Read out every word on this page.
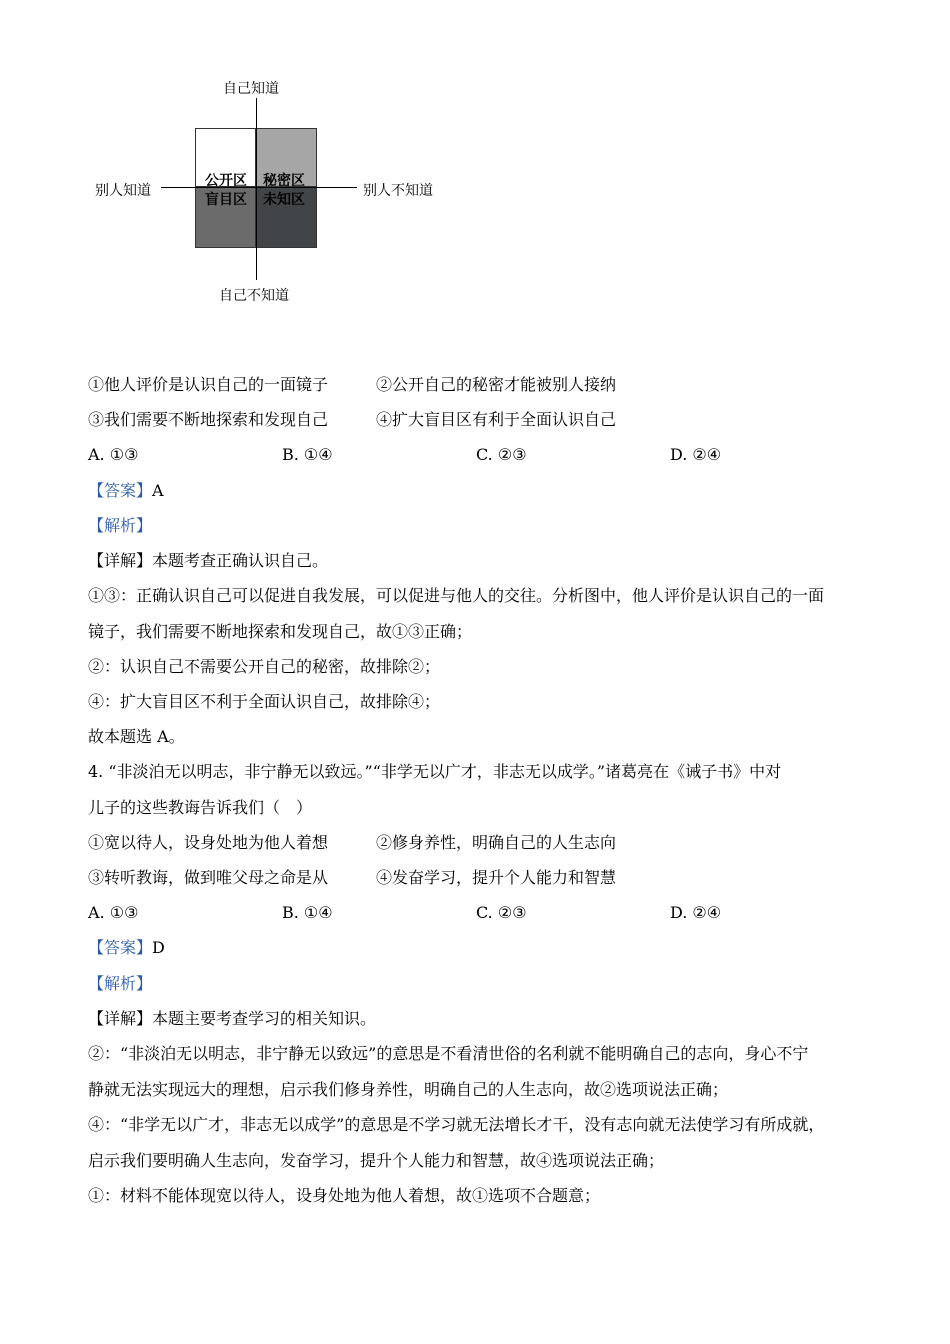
自己知道
自己不知道
别人知道	别人不知道
公开区 秘密区
盲目区 未知区
①他人评价是认识自己的一面镜子	②公开自己的秘密才能被别人接纳
③我们需要不断地探索和发现自己	④扩大盲目区有利于全面认识自己
A. ①③	B. ①④	C. ②③	D. ②④
【答案】A
【解析】
【详解】本题考查正确认识自己。
①③：正确认识自己可以促进自我发展，可以促进与他人的交往。分析图中，他人评价是认识自己的一面
镜子，我们需要不断地探索和发现自己，故①③正确；
②：认识自己不需要公开自己的秘密，故排除②；
④：扩大盲目区不利于全面认识自己，故排除④；
故本题选 A。
4. “非淡泊无以明志，非宁静无以致远。”“非学无以广才，非志无以成学。”诸葛亮在《诫子书》中对
儿子的这些教诲告诉我们（　）
①宽以待人，设身处地为他人着想	②修身养性，明确自己的人生志向
③转听教诲，做到唯父母之命是从	④发奋学习，提升个人能力和智慧
A. ①③	B. ①④	C. ②③	D. ②④
【答案】D
【解析】
【详解】本题主要考查学习的相关知识。
②：“非淡泊无以明志，非宁静无以致远”的意思是不看清世俗的名利就不能明确自己的志向，身心不宁
静就无法实现远大的理想，启示我们修身养性，明确自己的人生志向，故②选项说法正确；
④：“非学无以广才，非志无以成学”的意思是不学习就无法增长才干，没有志向就无法使学习有所成就，
启示我们要明确人生志向，发奋学习，提升个人能力和智慧，故④选项说法正确；
①：材料不能体现宽以待人，设身处地为他人着想，故①选项不合题意；
